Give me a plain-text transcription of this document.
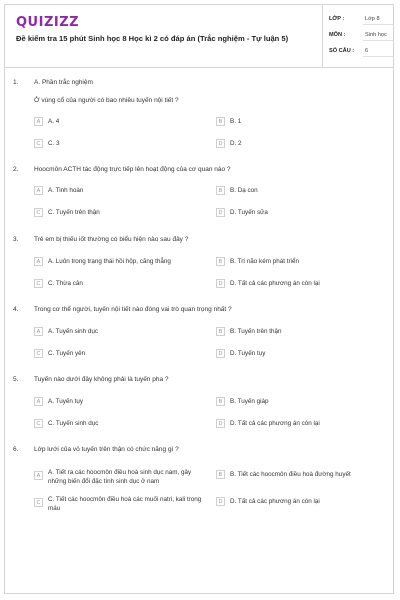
QUIZIZZ
Đề kiểm tra 15 phút Sinh học 8 Học kì 2 có đáp án (Trắc nghiệm - Tự luận 5)
LỚP :	Lớp 8
MÔN :	Sinh học
SỐ CÂU : 6
1. A. Phần trắc nghiệm
Ở vùng cổ của người có bao nhiêu tuyến nội tiết ?
A	A. 4	B	B. 1
C	C. 3	D	D. 2
2. Hoocmôn ACTH tác động trực tiếp lên hoạt động của cơ quan nào ?
A	A. Tinh hoàn	B	B. Dạ con
C	C. Tuyến trên thận	D	D. Tuyến sữa
3. Trẻ em bị thiếu iốt thường có biểu hiện nào sau đây ?
A	A. Luôn trong trạng thái hồi hộp, căng thẳng	B	B. Trí não kém phát triển
C	C. Thừa cân	D	D. Tất cả các phương án còn lại
4. Trong cơ thể người, tuyến nội tiết nào đóng vai trò quan trọng nhất ?
A	A. Tuyến sinh dục	B	B. Tuyến trên thận
C	C. Tuyến yên	D	D. Tuyến tụy
5. Tuyến nào dưới đây không phải là tuyến pha ?
A	A. Tuyến tụy	B	B. Tuyến giáp
C	C. Tuyến sinh dục	D	D. Tất cả các phương án còn lại
6. Lớp lưới của vỏ tuyến trên thận có chức năng gì ?
A	A. Tiết ra các hoocmôn điều hoà sinh dục nam, gây những biến đổi đặc tính sinh dục ở nam
B	B. Tiết các hoocmôn điều hoà đường huyết
C	C. Tiết các hoocmôn điều hoà các muối natri, kali trong máu
D	D. Tất cả các phương án còn lại
